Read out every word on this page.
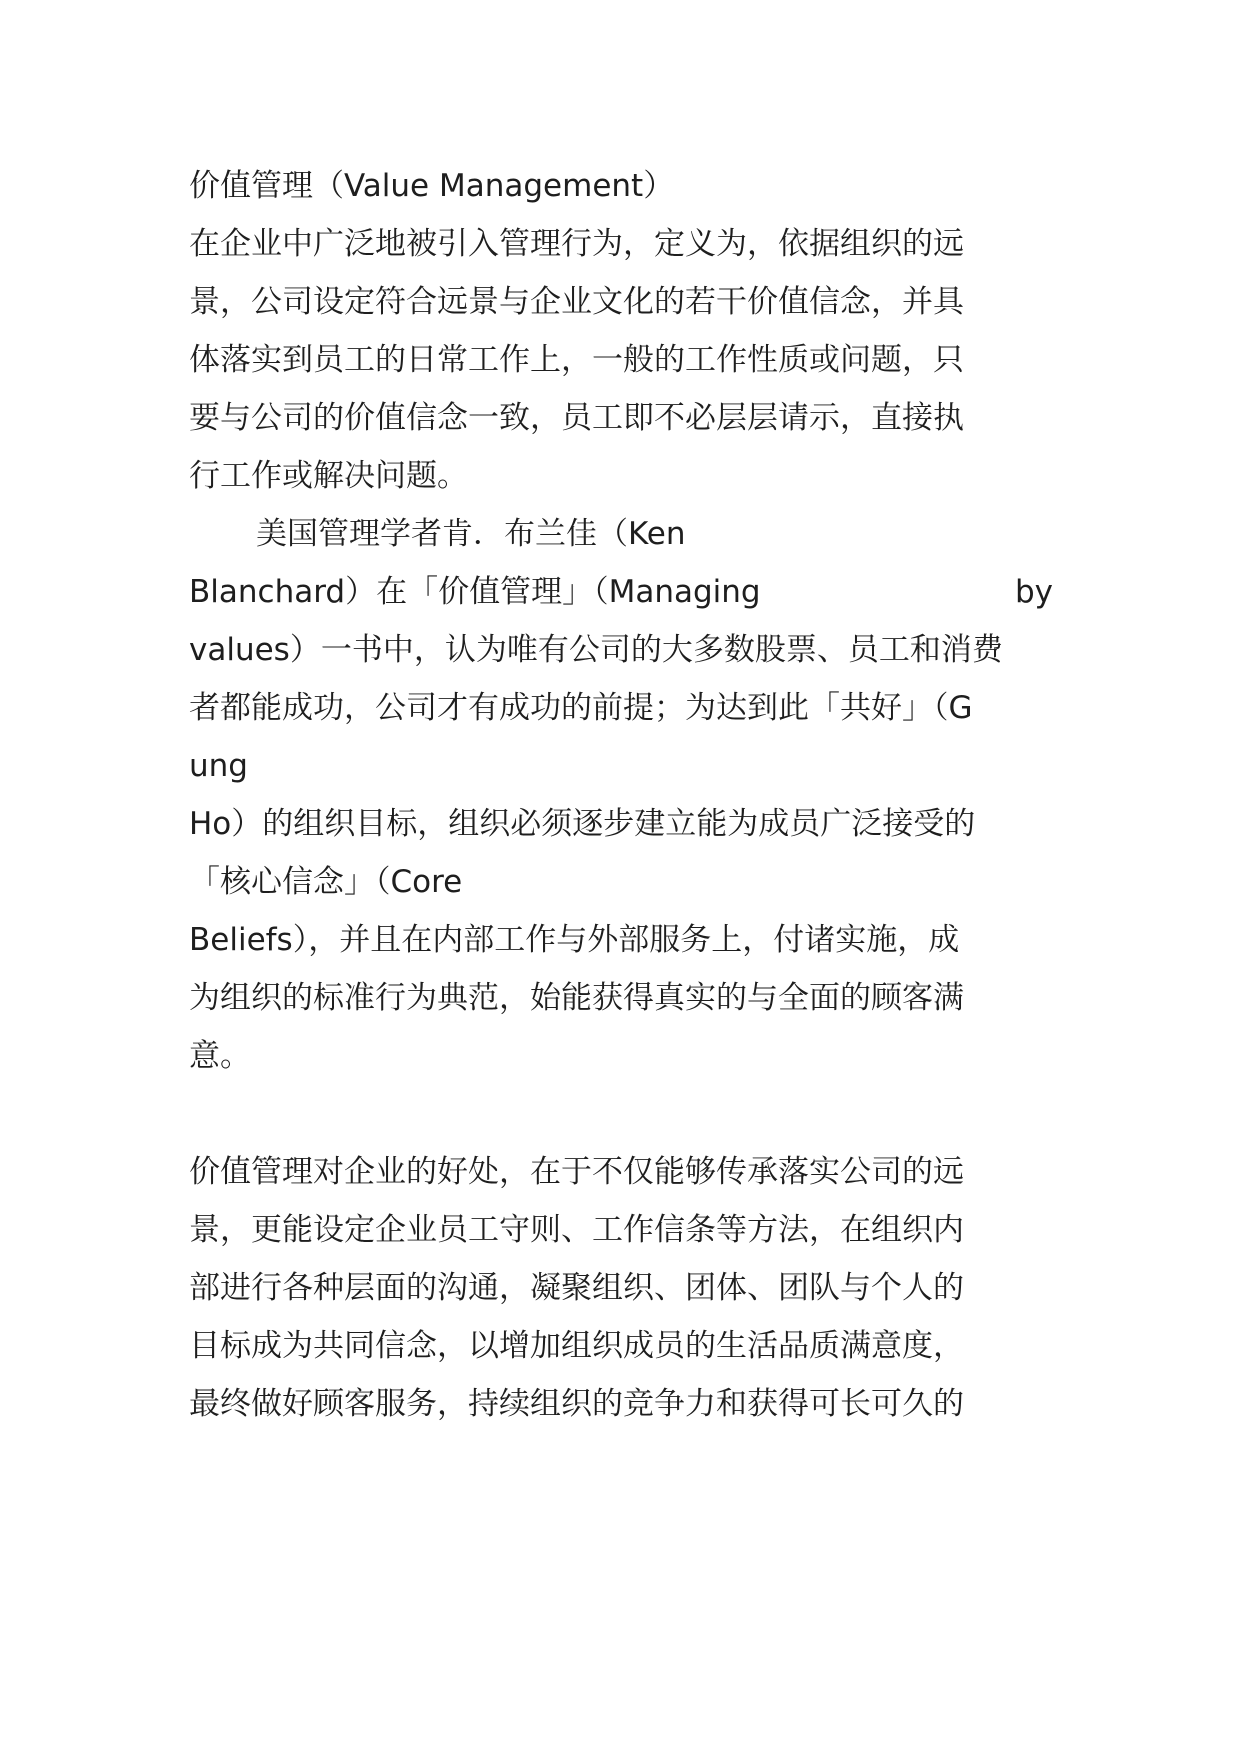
价值管理（Value Management）
在企业中广泛地被引入管理行为，定义为，依据组织的远
景，公司设定符合远景与企业文化的若干价值信念，并具
体落实到员工的日常工作上，一般的工作性质或问题，只
要与公司的价值信念一致，员工即不必层层请示，直接执
行工作或解决问题。
美国管理学者肯．布兰佳（Ken
Blanchard）在「价值管理」（Managing	by
values）一书中，认为唯有公司的大多数股票、员工和消费
者都能成功，公司才有成功的前提；为达到此「共好」（G
ung
Ho）的组织目标，组织必须逐步建立能为成员广泛接受的
「核心信念」（Core
Beliefs），并且在内部工作与外部服务上，付诸实施，成
为组织的标准行为典范，始能获得真实的与全面的顾客满
意。
价值管理对企业的好处，在于不仅能够传承落实公司的远
景，更能设定企业员工守则、工作信条等方法，在组织内
部进行各种层面的沟通，凝聚组织、团体、团队与个人的
目标成为共同信念，以增加组织成员的生活品质满意度，
最终做好顾客服务，持续组织的竞争力和获得可长可久的
